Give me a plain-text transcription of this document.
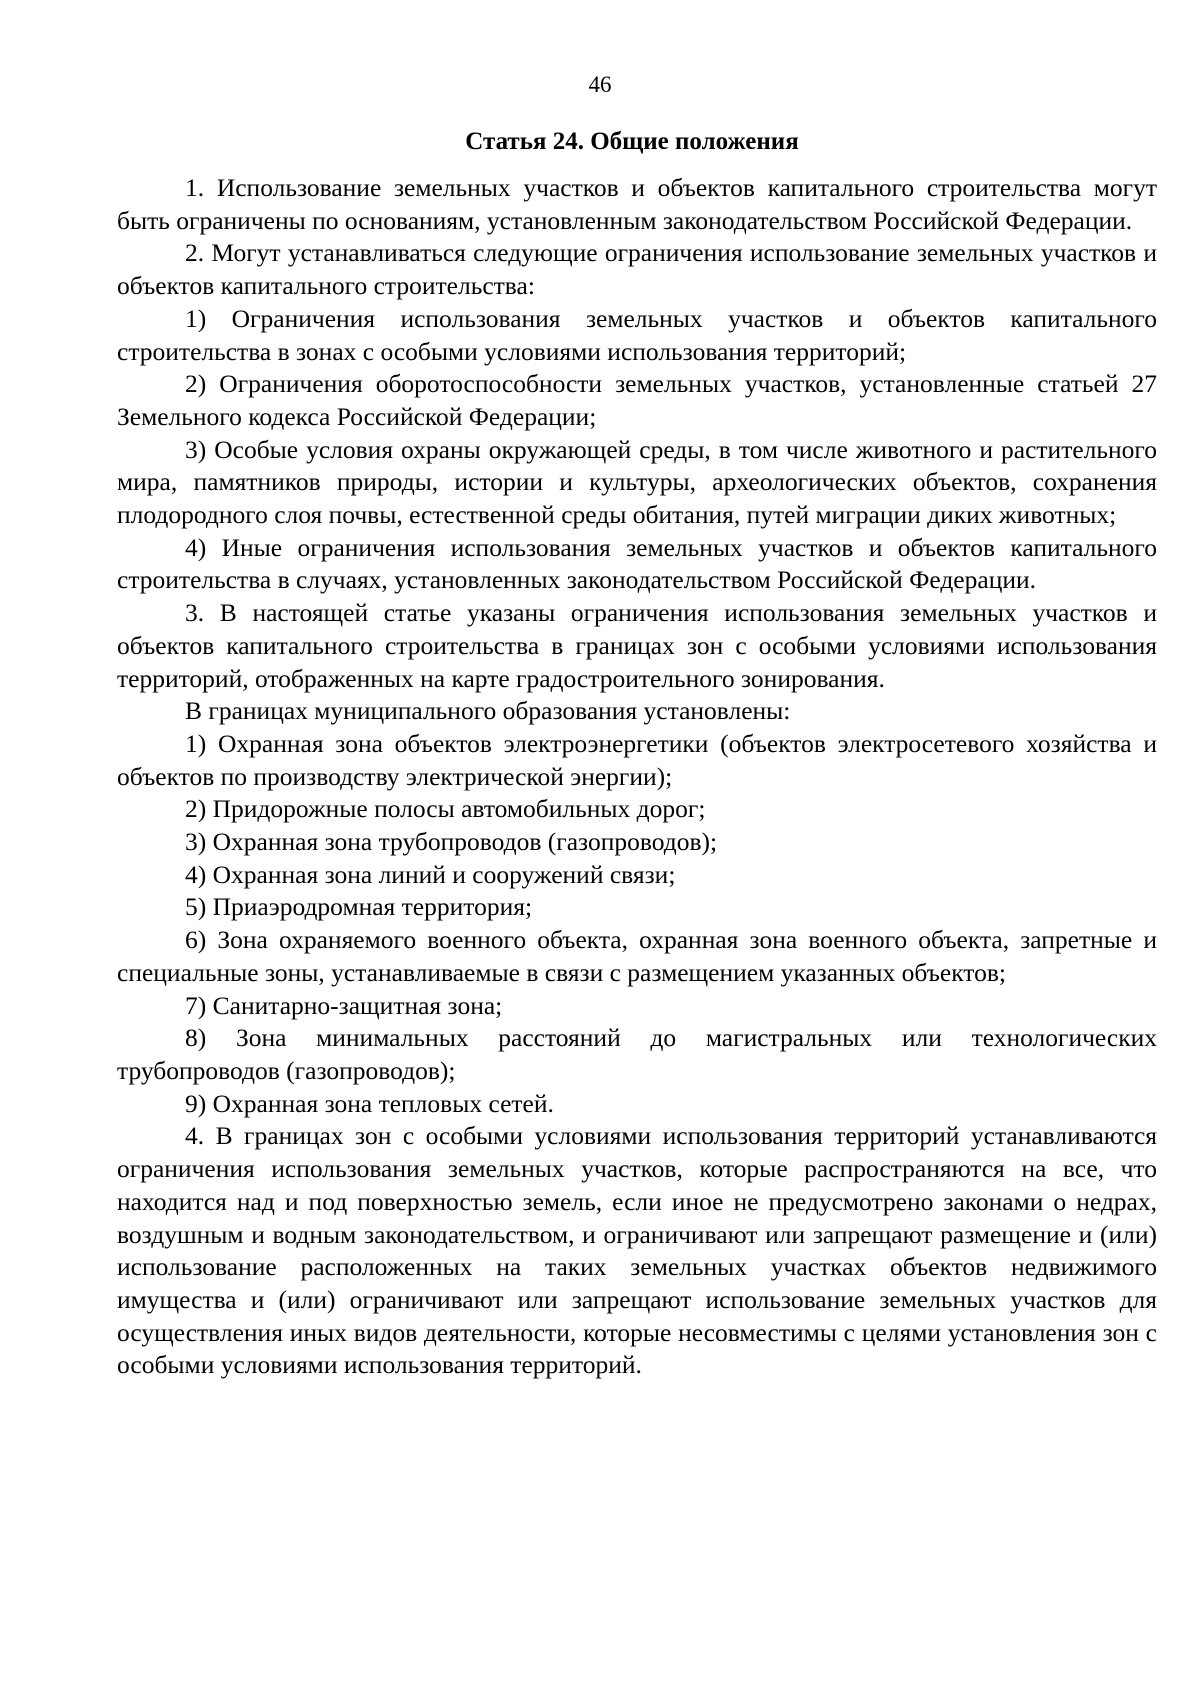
46
Статья 24. Общие положения

1. Использование земельных участков и объектов капитального строительства могут быть ограничены по основаниям, установленным законодательством Российской Федерации.

2. Могут устанавливаться следующие ограничения использование земельных участков и объектов капитального строительства:

1) Ограничения использования земельных участков и объектов капитального строительства в зонах с особыми условиями использования территорий;

2) Ограничения оборотоспособности земельных участков, установленные статьей 27 Земельного кодекса Российской Федерации;

3) Особые условия охраны окружающей среды, в том числе животного и растительного мира, памятников природы, истории и культуры, археологических объектов, сохранения плодородного слоя почвы, естественной среды обитания, путей миграции диких животных;

4) Иные ограничения использования земельных участков и объектов капитального строительства в случаях, установленных законодательством Российской Федерации.

3. В настоящей статье указаны ограничения использования земельных участков и объектов капитального строительства в границах зон с особыми условиями использования территорий, отображенных на карте градостроительного зонирования.

В границах муниципального образования установлены:

1) Охранная зона объектов электроэнергетики (объектов электросетевого хозяйства и объектов по производству электрической энергии);

2) Придорожные полосы автомобильных дорог;

3) Охранная зона трубопроводов (газопроводов);

4) Охранная зона линий и сооружений связи;

5) Приаэродромная территория;

6) Зона охраняемого военного объекта, охранная зона военного объекта, запретные и специальные зоны, устанавливаемые в связи с размещением указанных объектов;

7) Санитарно-защитная зона;

8) Зона минимальных расстояний до магистральных или технологических трубопроводов (газопроводов);

9) Охранная зона тепловых сетей.

4. В границах зон с особыми условиями использования территорий устанавливаются ограничения использования земельных участков, которые распространяются на все, что находится над и под поверхностью земель, если иное не предусмотрено законами о недрах, воздушным и водным законодательством, и ограничивают или запрещают размещение и (или) использование расположенных на таких земельных участках объектов недвижимого имущества и (или) ограничивают или запрещают использование земельных участков для осуществления иных видов деятельности, которые несовместимы с целями установления зон с особыми условиями использования территорий.
